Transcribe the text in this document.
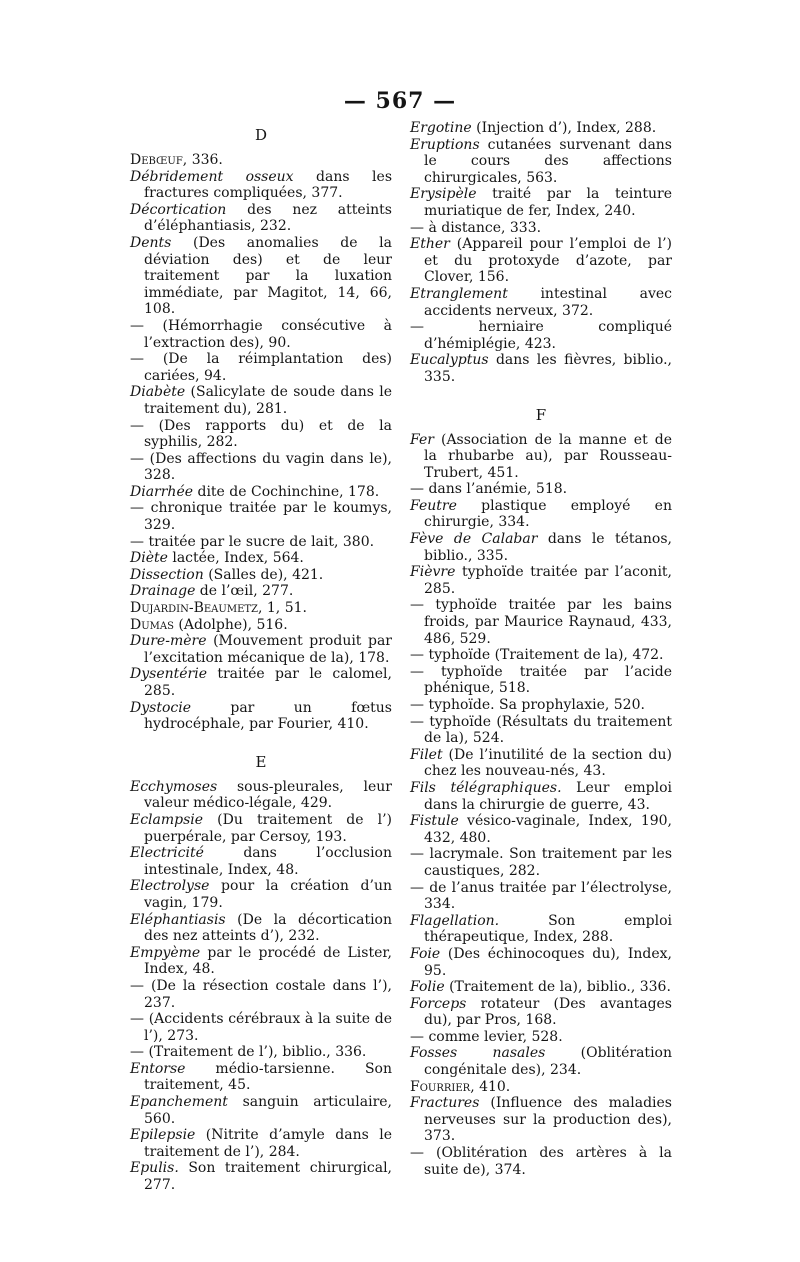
— 567 —
D

Debœuf, 336.

Débridement osseux dans les fractures compliquées, 377.

Décortication des nez atteints d’éléphantiasis, 232.

Dents (Des anomalies de la déviation des) et de leur traitement par la luxation immédiate, par Magitot, 14, 66, 108.

— (Hémorrhagie consécutive à l’extraction des), 90.

— (De la réimplantation des) cariées, 94.

Diabète (Salicylate de soude dans le traitement du), 281.

— (Des rapports du) et de la syphilis, 282.

— (Des affections du vagin dans le), 328.

Diarrhée dite de Cochinchine, 178.

— chronique traitée par le koumys, 329.

— traitée par le sucre de lait, 380.

Diète lactée, Index, 564.

Dissection (Salles de), 421.

Drainage de l’œil, 277.

Dujardin-Beaumetz, 1, 51.

Dumas (Adolphe), 516.

Dure-mère (Mouvement produit par l’excitation mécanique de la), 178.

Dysentérie traitée par le calomel, 285.

Dystocie par un fœtus hydrocéphale, par Fourier, 410.

E

Ecchymoses sous-pleurales, leur valeur médico-légale, 429.

Eclampsie (Du traitement de l’) puerpérale, par Cersoy, 193.

Electricité dans l’occlusion intestinale, Index, 48.

Electrolyse pour la création d’un vagin, 179.

Eléphantiasis (De la décortication des nez atteints d’), 232.

Empyème par le procédé de Lister, Index, 48.

— (De la résection costale dans l’), 237.

— (Accidents cérébraux à la suite de l’), 273.

— (Traitement de l’), biblio., 336.

Entorse médio-tarsienne. Son traitement, 45.

Epanchement sanguin articulaire, 560.

Epilepsie (Nitrite d’amyle dans le traitement de l’), 284.

Epulis. Son traitement chirurgical, 277.

Ergotine (Injection d’), Index, 288.

Eruptions cutanées survenant dans le cours des affections chirurgicales, 563.

Erysipèle traité par la teinture muriatique de fer, Index, 240.

— à distance, 333.

Ether (Appareil pour l’emploi de l’) et du protoxyde d’azote, par Clover, 156.

Etranglement intestinal avec accidents nerveux, 372.

— herniaire compliqué d’hémiplégie, 423.

Eucalyptus dans les fièvres, biblio., 335.

F

Fer (Association de la manne et de la rhubarbe au), par Rousseau-Trubert, 451.

— dans l’anémie, 518.

Feutre plastique employé en chirurgie, 334.

Fève de Calabar dans le tétanos, biblio., 335.

Fièvre typhoïde traitée par l’aconit, 285.

— typhoïde traitée par les bains froids, par Maurice Raynaud, 433, 486, 529.

— typhoïde (Traitement de la), 472.

— typhoïde traitée par l’acide phénique, 518.

— typhoïde. Sa prophylaxie, 520.

— typhoïde (Résultats du traitement de la), 524.

Filet (De l’inutilité de la section du) chez les nouveau-nés, 43.

Fils télégraphiques. Leur emploi dans la chirurgie de guerre, 43.

Fistule vésico-vaginale, Index, 190, 432, 480.

— lacrymale. Son traitement par les caustiques, 282.

— de l’anus traitée par l’électrolyse, 334.

Flagellation. Son emploi thérapeutique, Index, 288.

Foie (Des échinocoques du), Index, 95.

Folie (Traitement de la), biblio., 336.

Forceps rotateur (Des avantages du), par Pros, 168.

— comme levier, 528.

Fosses nasales (Oblitération congénitale des), 234.

Fourrier, 410.

Fractures (Influence des maladies nerveuses sur la production des), 373.

— (Oblitération des artères à la suite de), 374.
